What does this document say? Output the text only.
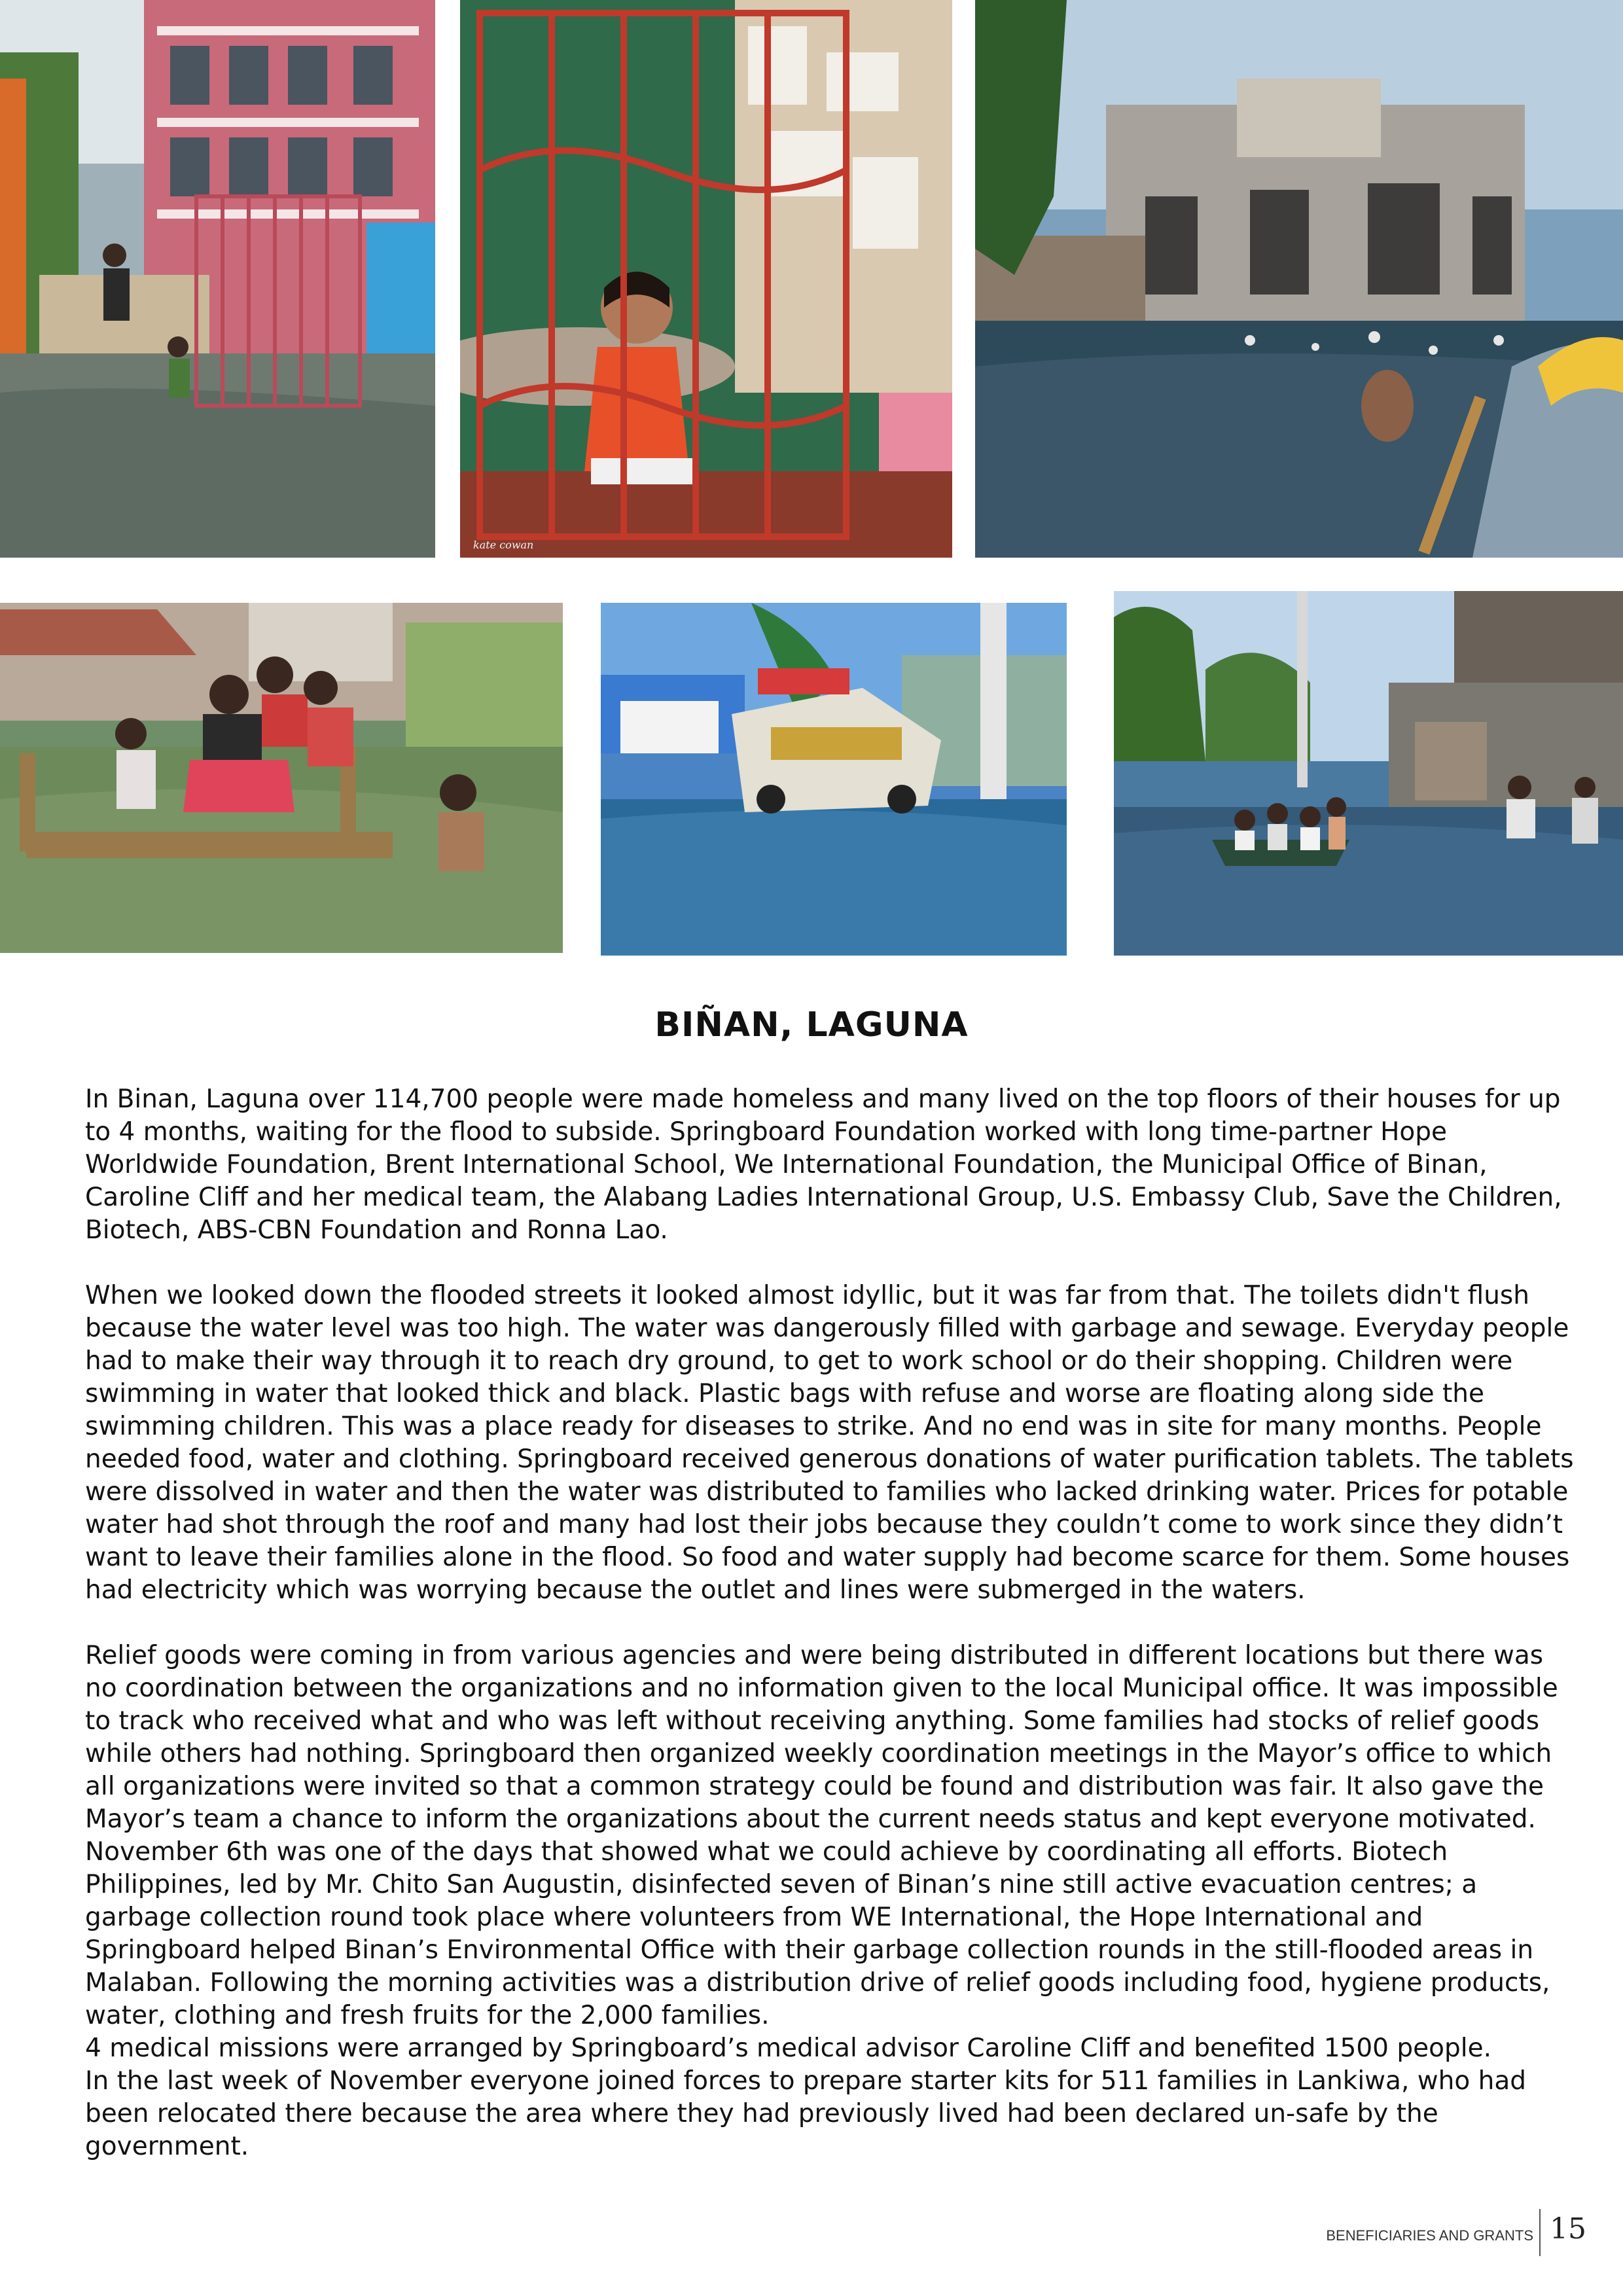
kate cowan
BIÑAN, LAGUNA

In Binan, Laguna over 114,700 people were made homeless and many lived on the top floors of their houses for up to 4 months, waiting for the flood to subside. Springboard Foundation worked with long time-partner Hope Worldwide Foundation, Brent International School, We International Foundation, the Municipal Office of Binan, Caroline Cliff and her medical team, the Alabang Ladies International Group, U.S. Embassy Club, Save the Children, Biotech, ABS-CBN Foundation and Ronna Lao.

When we looked down the flooded streets it looked almost idyllic, but it was far from that. The toilets didn't flush because the water level was too high. The water was dangerously filled with garbage and sewage. Everyday people had to make their way through it to reach dry ground, to get to work school or do their shopping. Children were swimming in water that looked thick and black. Plastic bags with refuse and worse are floating along side the swimming children. This was a place ready for diseases to strike. And no end was in site for many months. People needed food, water and clothing. Springboard received generous donations of water purification tablets. The tablets were dissolved in water and then the water was distributed to families who lacked drinking water. Prices for potable water had shot through the roof and many had lost their jobs because they couldn’t come to work since they didn’t want to leave their families alone in the flood. So food and water supply had become scarce for them. Some houses had electricity which was worrying because the outlet and lines were submerged in the waters.

Relief goods were coming in from various agencies and were being distributed in different locations but there was no coordination between the organizations and no information given to the local Municipal office. It was impossible to track who received what and who was left without receiving anything. Some families had stocks of relief goods while others had nothing. Springboard then organized weekly coordination meetings in the Mayor’s office to which all organizations were invited so that a common strategy could be found and distribution was fair. It also gave the Mayor’s team a chance to inform the organizations about the current needs status and kept everyone motivated. November 6th was one of the days that showed what we could achieve by coordinating all efforts. Biotech Philippines, led by Mr. Chito San Augustin, disinfected seven of Binan’s nine still active evacuation centres; a garbage collection round took place where volunteers from WE International, the Hope International and Springboard helped Binan’s Environmental Office with their garbage collection rounds in the still-flooded areas in Malaban. Following the morning activities was a distribution drive of relief goods including food, hygiene products, water, clothing and fresh fruits for the 2,000 families.

4 medical missions were arranged by Springboard’s medical advisor Caroline Cliff and benefited 1500 people.

In the last week of November everyone joined forces to prepare starter kits for 511 families in Lankiwa, who had been relocated there because the area where they had previously lived had been declared un-safe by the government.

BENEFICIARIES AND GRANTS 15
